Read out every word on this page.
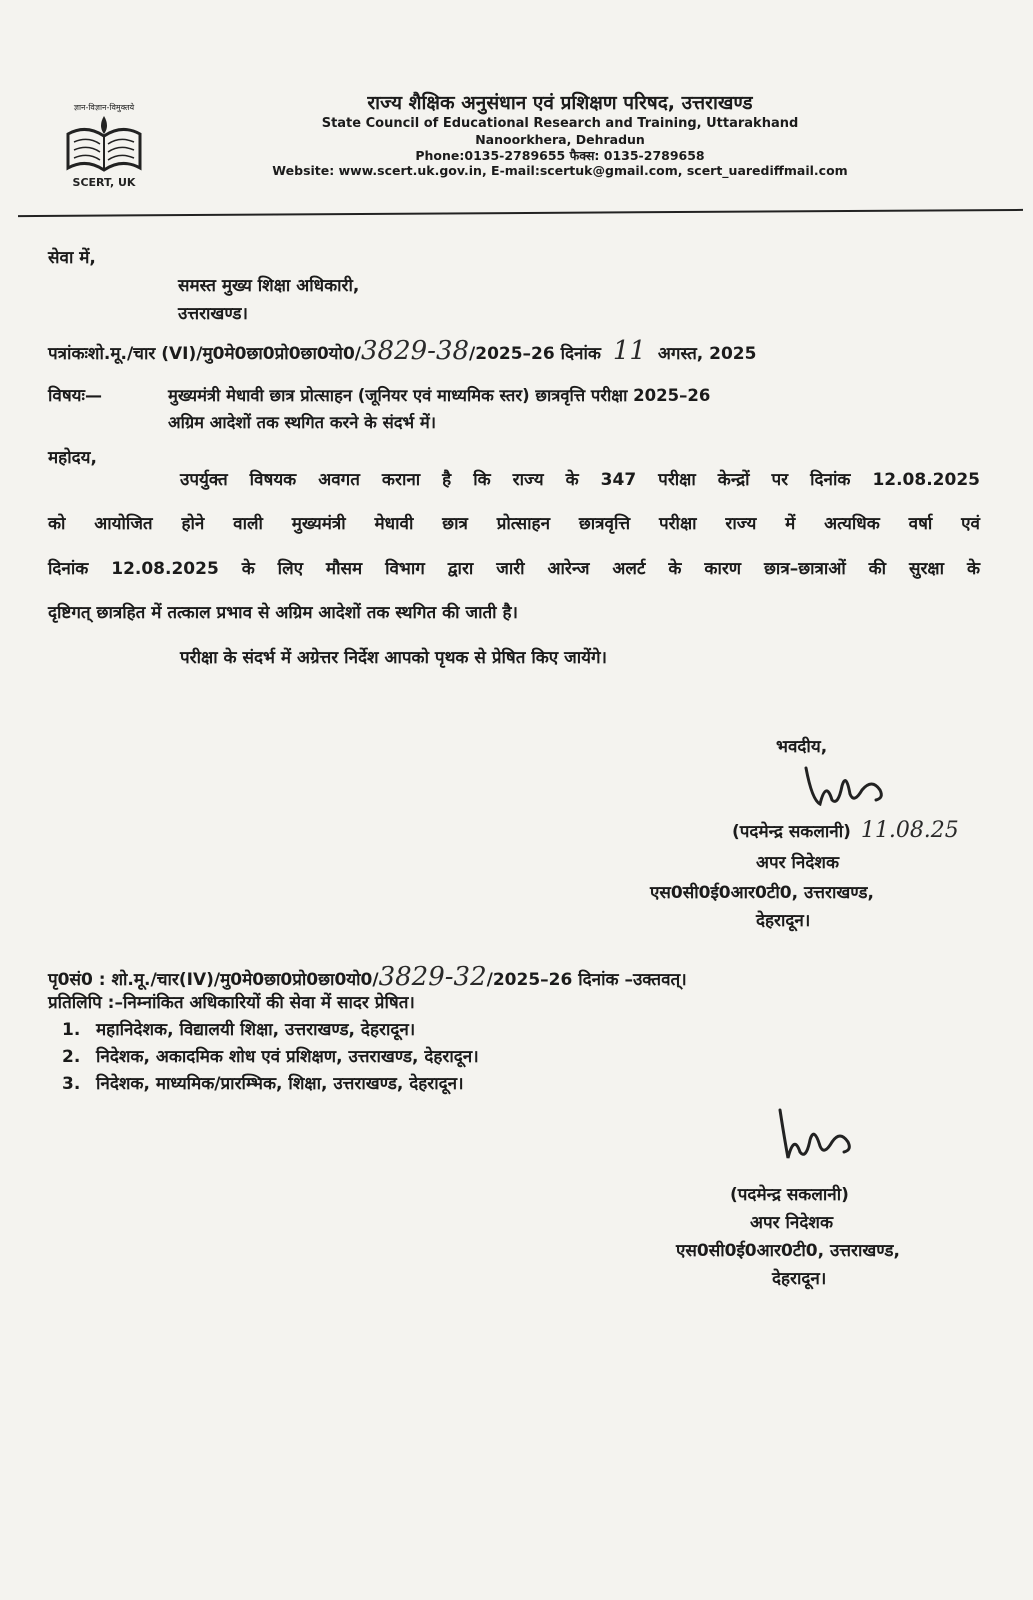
ज्ञान-विज्ञान-विमुक्तये
SCERT, UK
राज्य शैक्षिक अनुसंधान एवं प्रशिक्षण परिषद, उत्तराखण्ड
State Council of Educational Research and Training, Uttarakhand
Nanoorkhera, Dehradun
Phone:0135-2789655 फैक्स: 0135-2789658
Website: www.scert.uk.gov.in, E-mail:scertuk@gmail.com, scert_uarediffmail.com
सेवा में,
समस्त मुख्य शिक्षा अधिकारी,
उत्तराखण्ड।
पत्रांकःशो.मू./चार (VI)/मु0मे0छा0प्रो0छा0यो0/3829-38/2025–26 दिनांक 11 अगस्त, 2025
विषयः—	मुख्यमंत्री मेधावी छात्र प्रोत्साहन (जूनियर एवं माध्यमिक स्तर) छात्रवृत्ति परीक्षा 2025–26
अग्रिम आदेशों तक स्थगित करने के संदर्भ में।
महोदय,
उपर्युक्त विषयक अवगत कराना है कि राज्य के 347 परीक्षा केन्द्रों पर दिनांक 12.08.2025
को आयोजित होने वाली मुख्यमंत्री मेधावी छात्र प्रोत्साहन छात्रवृत्ति परीक्षा राज्य में अत्यधिक वर्षा एवं
दिनांक 12.08.2025 के लिए मौसम विभाग द्वारा जारी आरेन्ज अलर्ट के कारण छात्र–छात्राओं की सुरक्षा के
दृष्टिगत् छात्रहित में तत्काल प्रभाव से अग्रिम आदेशों तक स्थगित की जाती है।
परीक्षा के संदर्भ में अग्रेत्तर निर्देश आपको पृथक से प्रेषित किए जायेंगे।
भवदीय,
(पदमेन्द्र सकलानी) 11.08.25
अपर निदेशक
एस0सी0ई0आर0टी0, उत्तराखण्ड,
देहरादून।
पृ0सं0 : शो.मू./चार(IV)/मु0मे0छा0प्रो0छा0यो0/3829-32/2025–26 दिनांक –उक्तवत्।
प्रतिलिपि :–निम्नांकित अधिकारियों की सेवा में सादर प्रेषित।
1. महानिदेशक, विद्यालयी शिक्षा, उत्तराखण्ड, देहरादून।
2. निदेशक, अकादमिक शोध एवं प्रशिक्षण, उत्तराखण्ड, देहरादून।
3. निदेशक, माध्यमिक/प्रारम्भिक, शिक्षा, उत्तराखण्ड, देहरादून।
(पदमेन्द्र सकलानी)
अपर निदेशक
एस0सी0ई0आर0टी0, उत्तराखण्ड,
देहरादून।
